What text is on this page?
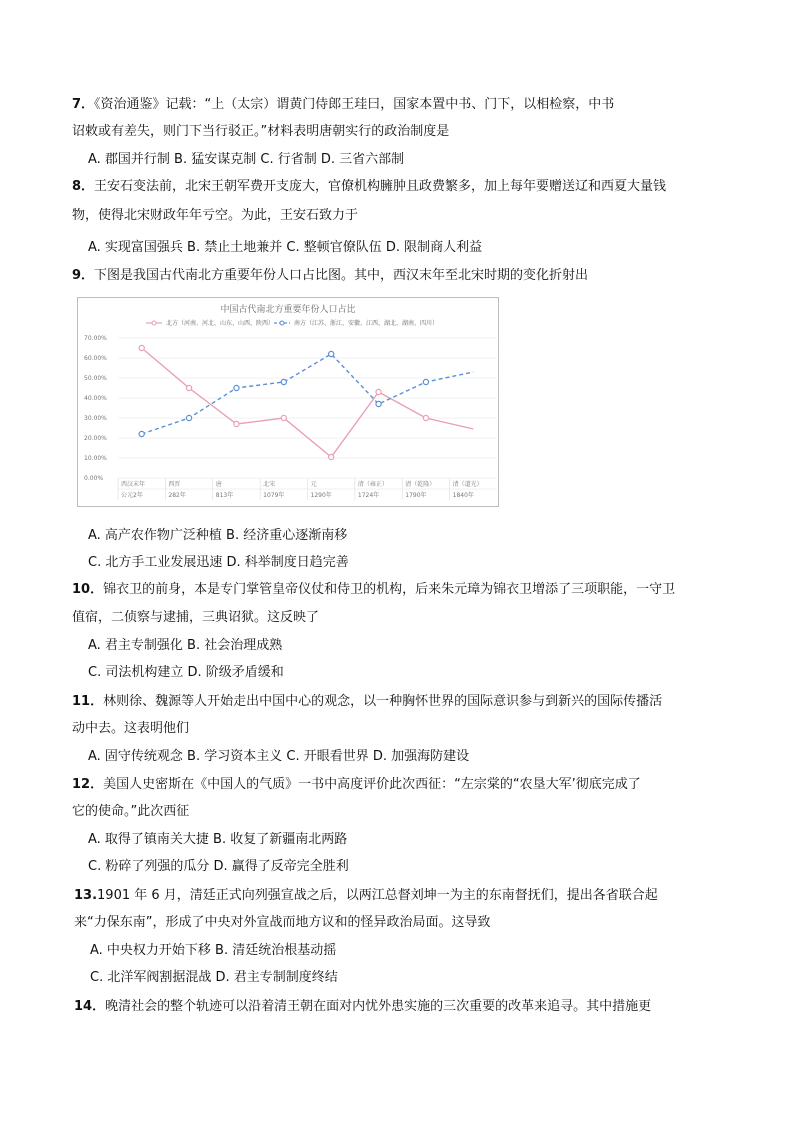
7．《资治通鉴》记载：“上（太宗）谓黄门侍郎王珪曰，国家本置中书、门下，以相检察，中书
诏敕或有差失，则门下当行驳正。”材料表明唐朝实行的政治制度是
A. 郡国并行制 B. 猛安谋克制 C. 行省制 D. 三省六部制
8．王安石变法前，北宋王朝军费开支庞大，官僚机构臃肿且政费繁多，加上每年要赠送辽和西夏大量钱
物，使得北宋财政年年亏空。为此，王安石致力于
A. 实现富国强兵 B. 禁止土地兼并 C. 整顿官僚队伍 D. 限制商人利益
9．下图是我国古代南北方重要年份人口占比图。其中，西汉末年至北宋时期的变化折射出
中国古代南北方重要年份人口占比
北方（河南、河北、山东、山西、陕西）	南方（江苏、浙江、安徽、江西、湖北、湖南、四川）
0.00%
10.00%
20.00%
30.00%
40.00%
50.00%
60.00%
70.00%
西汉末年
公元2年
西晋
282年
唐
813年
北宋
1079年
元
1290年
清（雍正）
1724年
清（乾隆）
1790年
清（道光）
1840年
A. 高产农作物广泛种植 B. 经济重心逐渐南移
C. 北方手工业发展迅速 D. 科举制度日趋完善
10．锦衣卫的前身，本是专门掌管皇帝仪仗和侍卫的机构，后来朱元璋为锦衣卫增添了三项职能，一守卫
值宿，二侦察与逮捕，三典诏狱。这反映了
A. 君主专制强化 B. 社会治理成熟
C. 司法机构建立 D. 阶级矛盾缓和
11．林则徐、魏源等人开始走出中国中心的观念，以一种胸怀世界的国际意识参与到新兴的国际传播活
动中去。这表明他们
A. 固守传统观念 B. 学习资本主义 C. 开眼看世界 D. 加强海防建设
12．美国人史密斯在《中国人的气质》一书中高度评价此次西征：“左宗棠的“农垦大军’彻底完成了
它的使命。”此次西征
A. 取得了镇南关大捷 B. 收复了新疆南北两路
C. 粉碎了列强的瓜分 D. 赢得了反帝完全胜利
13.1901 年 6 月，清廷正式向列强宣战之后，以两江总督刘坤一为主的东南督抚们，提出各省联合起
来“力保东南”，形成了中央对外宣战而地方议和的怪异政治局面。这导致
A. 中央权力开始下移 B. 清廷统治根基动摇
C. 北洋军阀割据混战 D. 君主专制制度终结
14．晚清社会的整个轨迹可以沿着清王朝在面对内忧外患实施的三次重要的改革来追寻。其中措施更
